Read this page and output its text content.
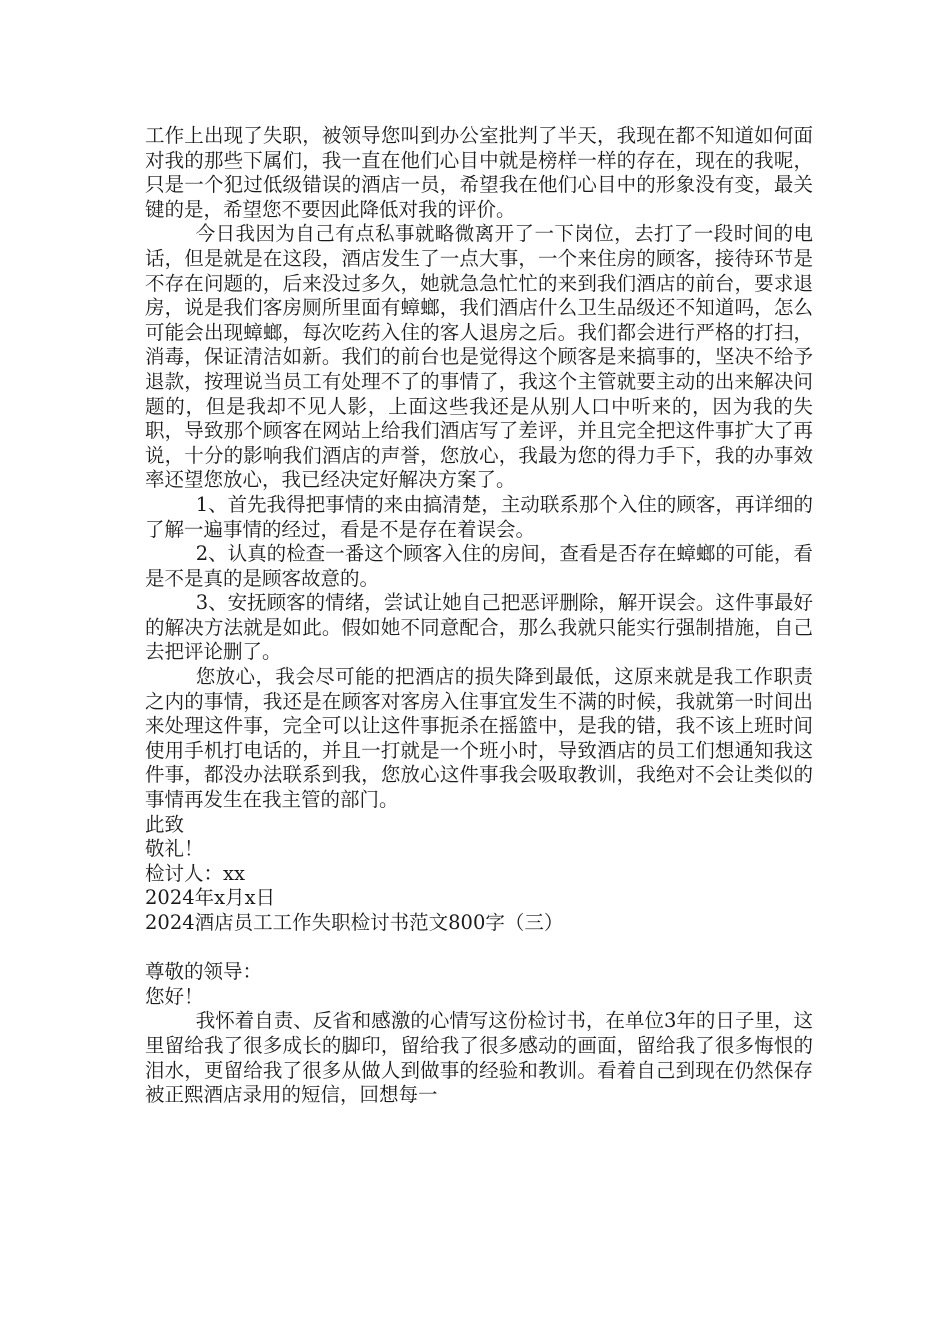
工作上出现了失职，被领导您叫到办公室批判了半天，我现在都不知道如何面对我的那些下属们，我一直在他们心目中就是榜样一样的存在，现在的我呢，只是一个犯过低级错误的酒店一员，希望我在他们心目中的形象没有变，最关键的是，希望您不要因此降低对我的评价。

今日我因为自己有点私事就略微离开了一下岗位，去打了一段时间的电话，但是就是在这段，酒店发生了一点大事，一个来住房的顾客，接待环节是不存在问题的，后来没过多久，她就急急忙忙的来到我们酒店的前台，要求退房，说是我们客房厕所里面有蟑螂，我们酒店什么卫生品级还不知道吗，怎么可能会出现蟑螂，每次吃药入住的客人退房之后。我们都会进行严格的打扫，消毒，保证清洁如新。我们的前台也是觉得这个顾客是来搞事的，坚决不给予退款，按理说当员工有处理不了的事情了，我这个主管就要主动的出来解决问题的，但是我却不见人影，上面这些我还是从别人口中听来的，因为我的失职，导致那个顾客在网站上给我们酒店写了差评，并且完全把这件事扩大了再说，十分的影响我们酒店的声誉，您放心，我最为您的得力手下，我的办事效率还望您放心，我已经决定好解决方案了。

1、首先我得把事情的来由搞清楚，主动联系那个入住的顾客，再详细的了解一遍事情的经过，看是不是存在着误会。

2、认真的检查一番这个顾客入住的房间，查看是否存在蟑螂的可能，看是不是真的是顾客故意的。

3、安抚顾客的情绪，尝试让她自己把恶评删除，解开误会。这件事最好的解决方法就是如此。假如她不同意配合，那么我就只能实行强制措施，自己去把评论删了。

您放心，我会尽可能的把酒店的损失降到最低，这原来就是我工作职责之内的事情，我还是在顾客对客房入住事宜发生不满的时候，我就第一时间出来处理这件事，完全可以让这件事扼杀在摇篮中，是我的错，我不该上班时间使用手机打电话的，并且一打就是一个班小时，导致酒店的员工们想通知我这件事，都没办法联系到我，您放心这件事我会吸取教训，我绝对不会让类似的事情再发生在我主管的部门。

此致

敬礼！

检讨人：xx

2024年x月x日

2024酒店员工工作失职检讨书范文800字（三）

尊敬的领导：

您好！

我怀着自责、反省和感激的心情写这份检讨书，在单位3年的日子里，这里留给我了很多成长的脚印，留给我了很多感动的画面，留给我了很多悔恨的泪水，更留给我了很多从做人到做事的经验和教训。看着自己到现在仍然保存被正熙酒店录用的短信，回想每一
